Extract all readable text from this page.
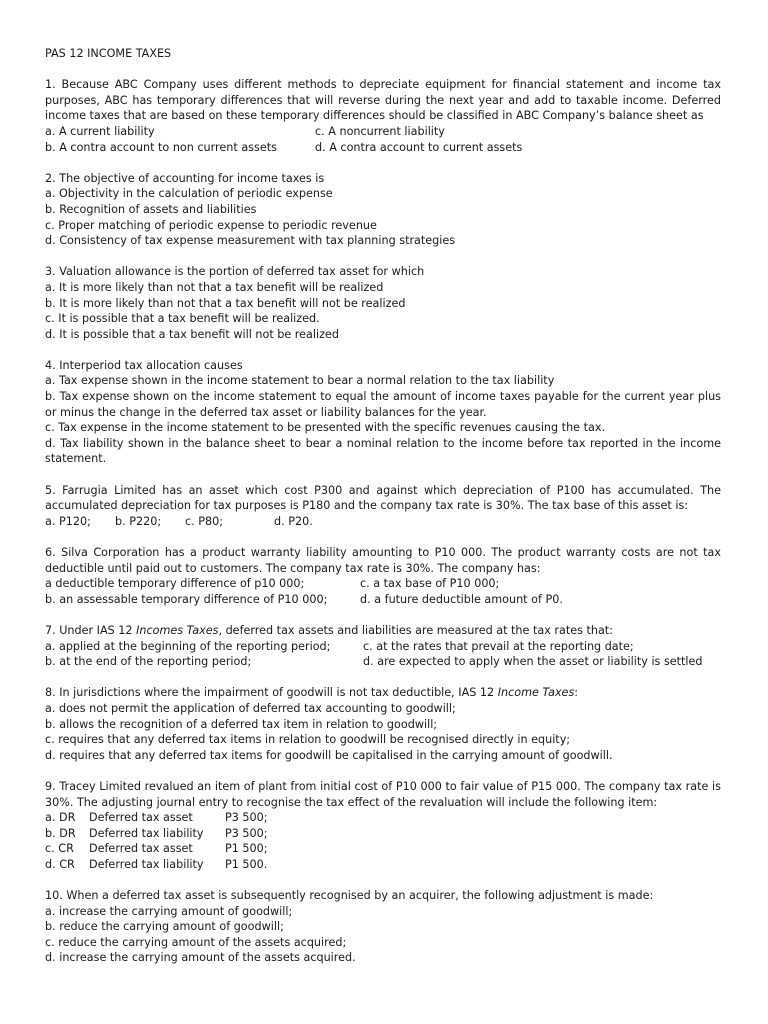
PAS 12 INCOME TAXES
1. Because ABC Company uses different methods to depreciate equipment for financial statement and income tax purposes, ABC has temporary differences that will reverse during the next year and add to taxable income. Deferred income taxes that are based on these temporary differences should be classified in ABC Company’s balance sheet as
a. A current liability	c. A noncurrent liability
b. A contra account to non current assets	d. A contra account to current assets
2. The objective of accounting for income taxes is
a. Objectivity in the calculation of periodic expense
b. Recognition of assets and liabilities
c. Proper matching of periodic expense to periodic revenue
d. Consistency of tax expense measurement with tax planning strategies
3. Valuation allowance is the portion of deferred tax asset for which
a. It is more likely than not that a tax benefit will be realized
b. It is more likely than not that a tax benefit will not be realized
c. It is possible that a tax benefit will be realized.
d. It is possible that a tax benefit will not be realized
4. Interperiod tax allocation causes
a. Tax expense shown in the income statement to bear a normal relation to the tax liability
b. Tax expense shown on the income statement to equal the amount of income taxes payable for the current year plus or minus the change in the deferred tax asset or liability balances for the year.
c. Tax expense in the income statement to be presented with the specific revenues causing the tax.
d. Tax liability shown in the balance sheet to bear a nominal relation to the income before tax reported in the income statement.
5. Farrugia Limited has an asset which cost P300 and against which depreciation of P100 has accumulated. The accumulated depreciation for tax purposes is P180 and the company tax rate is 30%. The tax base of this asset is:
a. P120; b. P220; c. P80;	d. P20.
6. Silva Corporation has a product warranty liability amounting to P10 000. The product warranty costs are not tax deductible until paid out to customers. The company tax rate is 30%. The company has:
a deductible temporary difference of p10 000;	c. a tax base of P10 000;
b. an assessable temporary difference of P10 000;	d. a future deductible amount of P0.
7. Under IAS 12 Incomes Taxes, deferred tax assets and liabilities are measured at the tax rates that:
a. applied at the beginning of the reporting period;	c. at the rates that prevail at the reporting date;
b. at the end of the reporting period;	d. are expected to apply when the asset or liability is settled
8. In jurisdictions where the impairment of goodwill is not tax deductible, IAS 12 Income Taxes:
a. does not permit the application of deferred tax accounting to goodwill;
b. allows the recognition of a deferred tax item in relation to goodwill;
c. requires that any deferred tax items in relation to goodwill be recognised directly in equity;
d. requires that any deferred tax items for goodwill be capitalised in the carrying amount of goodwill.
9. Tracey Limited revalued an item of plant from initial cost of P10 000 to fair value of P15 000. The company tax rate is 30%. The adjusting journal entry to recognise the tax effect of the revaluation will include the following item:
a. DR Deferred tax asset	P3 500;
b. DR Deferred tax liability P3 500;
c. CR Deferred tax asset	P1 500;
d. CR Deferred tax liability P1 500.
10. When a deferred tax asset is subsequently recognised by an acquirer, the following adjustment is made:
a. increase the carrying amount of goodwill;
b. reduce the carrying amount of goodwill;
c. reduce the carrying amount of the assets acquired;
d. increase the carrying amount of the assets acquired.
